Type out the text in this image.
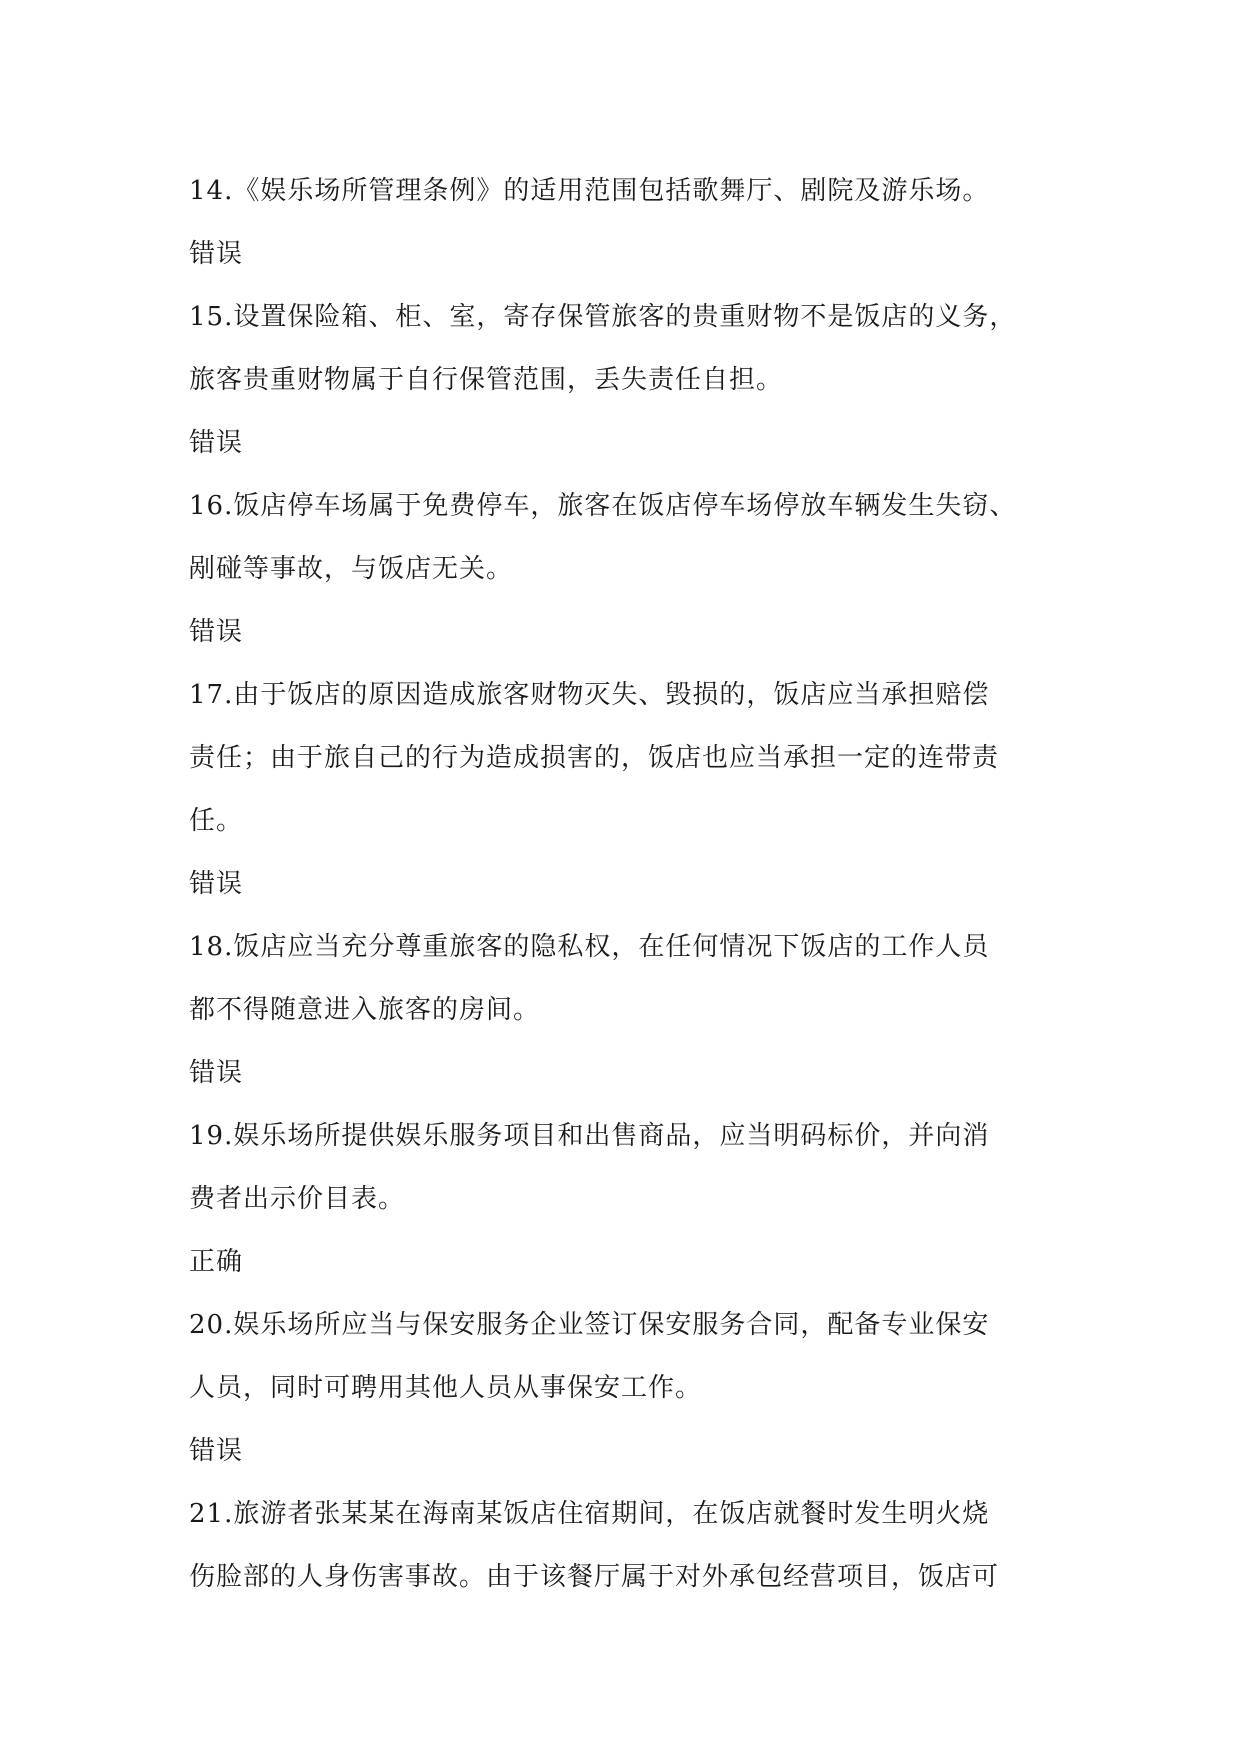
14.《娱乐场所管理条例》的适用范围包括歌舞厅、剧院及游乐场。
错误
15.设置保险箱、柜、室，寄存保管旅客的贵重财物不是饭店的义务，
旅客贵重财物属于自行保管范围，丢失责任自担。
错误
16.饭店停车场属于免费停车，旅客在饭店停车场停放车辆发生失窃、
剐碰等事故，与饭店无关。
错误
17.由于饭店的原因造成旅客财物灭失、毁损的，饭店应当承担赔偿
责任；由于旅自己的行为造成损害的，饭店也应当承担一定的连带责
任。
错误
18.饭店应当充分尊重旅客的隐私权，在任何情况下饭店的工作人员
都不得随意进入旅客的房间。
错误
19.娱乐场所提供娱乐服务项目和出售商品，应当明码标价，并向消
费者出示价目表。
正确
20.娱乐场所应当与保安服务企业签订保安服务合同，配备专业保安
人员，同时可聘用其他人员从事保安工作。
错误
21.旅游者张某某在海南某饭店住宿期间，在饭店就餐时发生明火烧
伤脸部的人身伤害事故。由于该餐厅属于对外承包经营项目，饭店可
